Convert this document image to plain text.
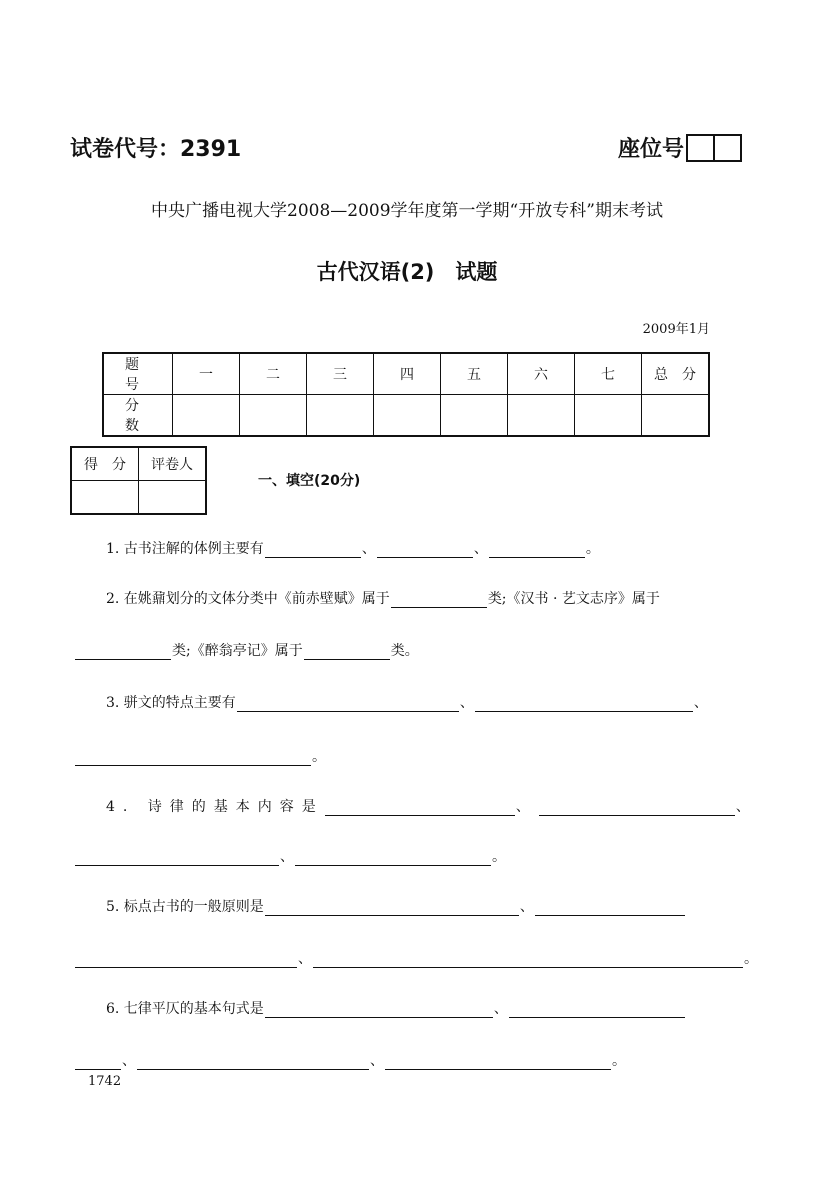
试卷代号：2391	座位号
中央广播电视大学2008—2009学年度第一学期“开放专科”期末考试
古代汉语(2)　试题
2009年1月
题　号	一	二	三	四	五	六	七	总　分
分　数								
得　分	评卷人

一、填空(20分)
1. 古书注解的体例主要有	、	、	。
2. 在姚鼐划分的文体分类中《前赤壁赋》属于	类;《汉书 · 艺文志序》属于
类;《醉翁亭记》属于	类。
3. 骈文的特点主要有	、	、
。
4. 诗律的基本内容是	、	、
、	。
5. 标点古书的一般原则是	、
、	。
6. 七律平仄的基本句式是	、
、	、	。
1742
